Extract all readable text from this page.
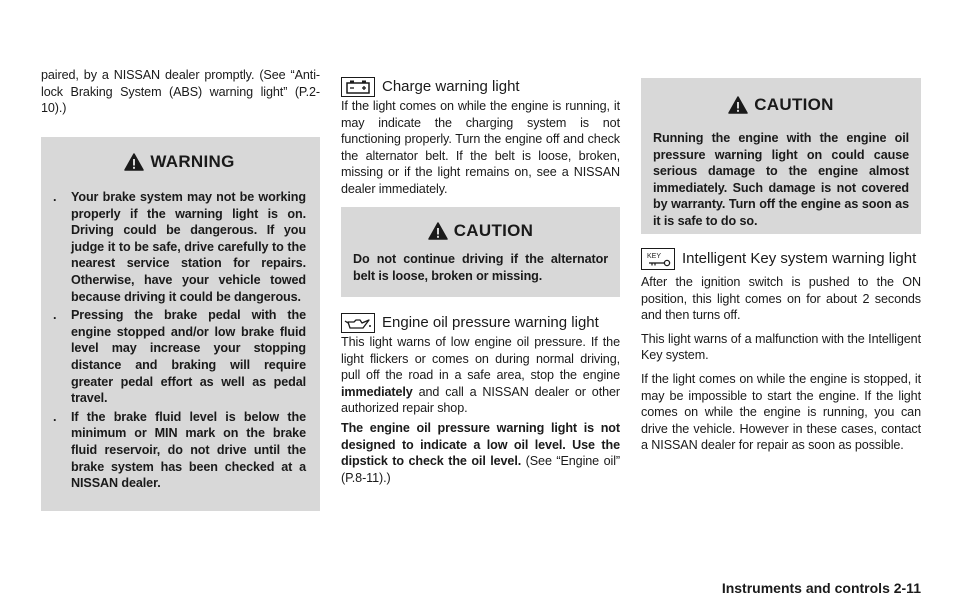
paired, by a NISSAN dealer promptly. (See “Anti-lock Braking System (ABS) warning light” (P.2-10).)

WARNING
.	Your brake system may not be working properly if the warning light is on. Driving could be dangerous. If you judge it to be safe, drive carefully to the nearest service station for repairs. Otherwise, have your vehicle towed because driving it could be dangerous.
.	Pressing the brake pedal with the engine stopped and/or low brake fluid level may increase your stopping distance and braking will require greater pedal effort as well as pedal travel.
.	If the brake fluid level is below the minimum or MIN mark on the brake fluid reservoir, do not drive until the brake system has been checked at a NISSAN dealer.
Charge warning light

If the light comes on while the engine is running, it may indicate the charging system is not functioning properly. Turn the engine off and check the alternator belt. If the belt is loose, broken, missing or if the light remains on, see a NISSAN dealer immediately.

CAUTION
Do not continue driving if the alternator belt is loose, broken or missing.
Engine oil pressure warning light

This light warns of low engine oil pressure. If the light flickers or comes on during normal driving, pull off the road in a safe area, stop the engine immediately and call a NISSAN dealer or other authorized repair shop.

The engine oil pressure warning light is not designed to indicate a low oil level. Use the dipstick to check the oil level. (See “Engine oil” (P.8-11).)

CAUTION
Running the engine with the engine oil pressure warning light on could cause serious damage to the engine almost immediately. Such damage is not covered by warranty. Turn off the engine as soon as it is safe to do so.
KEY Intelligent Key system warning light

After the ignition switch is pushed to the ON position, this light comes on for about 2 seconds and then turns off.

This light warns of a malfunction with the Intelligent Key system.

If the light comes on while the engine is stopped, it may be impossible to start the engine. If the light comes on while the engine is running, you can drive the vehicle. However in these cases, contact a NISSAN dealer for repair as soon as possible.

Instruments and controls 2-11
